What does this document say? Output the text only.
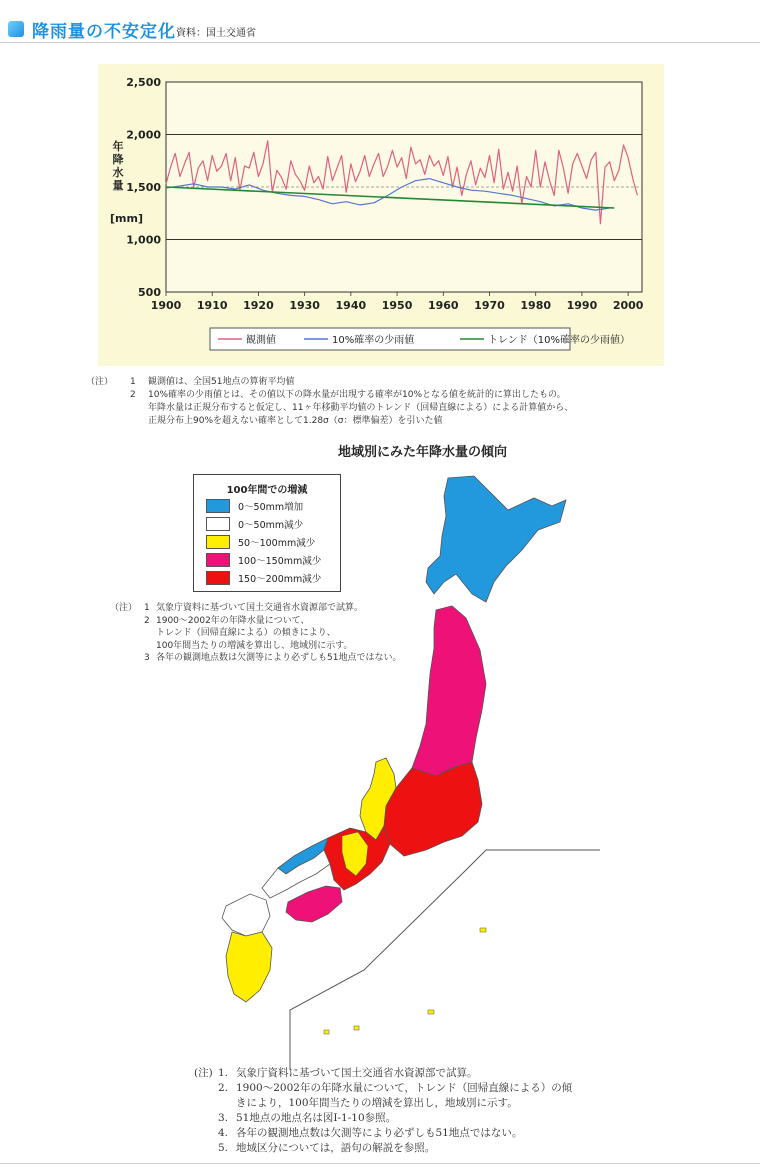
降雨量の不安定化 資料：国土交通省
500
1,000
1,500
2,000
2,500
1900 1910 1920 1930 1940 1950 1960 1970 1980 1990 2000
年
降
水
量
[mm]
観測値	10%確率の少雨値	トレンド（10%確率の少雨値）
（注） 1 観測値は、全国51地点の算術平均値
2 10%確率の少雨値とは、その値以下の降水量が出現する確率が10%となる値を統計的に算出したもの。
年降水量は正規分布すると仮定し、11ヶ年移動平均値のトレンド（回帰直線による）による計算値から、
正規分布上90%を超えない確率として1.28σ（σ：標準偏差）を引いた値
地域別にみた年降水量の傾向
100年間での増減
0〜50mm増加
0〜50mm減少
50〜100mm減少
100〜150mm減少
150〜200mm減少
（注） 1 気象庁資料に基づいて国土交通省水資源部で試算。
2 1900〜2002年の年降水量について、
トレンド（回帰直線による）の傾きにより、
100年間当たりの増減を算出し、地域別に示す。
3 各年の観測地点数は欠測等により必ずしも51地点ではない。
(注) 1. 気象庁資料に基づいて国土交通省水資源部で試算。
2. 1900〜2002年の年降水量について，トレンド（回帰直線による）の傾
きにより，100年間当たりの増減を算出し，地域別に示す。
3. 51地点の地点名は図Ⅰ-1-10参照。
4. 各年の観測地点数は欠測等により必ずしも51地点ではない。
5. 地域区分については，語句の解説を参照。
